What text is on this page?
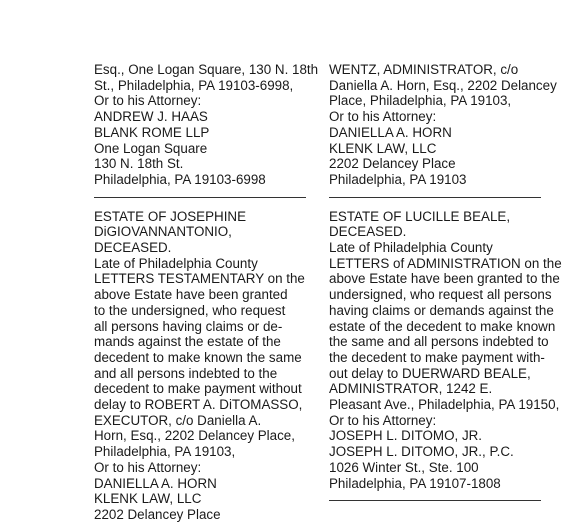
Esq., One Logan Square, 130 N. 18th
St., Philadelphia, PA 19103-6998,
Or to his Attorney:
ANDREW J. HAAS
BLANK ROME LLP
One Logan Square
130 N. 18th St.
Philadelphia, PA 19103-6998
ESTATE OF JOSEPHINE
DiGIOVANNANTONIO,
DECEASED.
Late of Philadelphia County
LETTERS TESTAMENTARY on the
above Estate have been granted
to the undersigned, who request
all persons having claims or de-
mands against the estate of the
decedent to make known the same
and all persons indebted to the
decedent to make payment without
delay to ROBERT A. DiTOMASSO,
EXECUTOR, c/o Daniella A.
Horn, Esq., 2202 Delancey Place,
Philadelphia, PA 19103,
Or to his Attorney:
DANIELLA A. HORN
KLENK LAW, LLC
2202 Delancey Place
WENTZ, ADMINISTRATOR, c/o
Daniella A. Horn, Esq., 2202 Delancey
Place, Philadelphia, PA 19103,
Or to his Attorney:
DANIELLA A. HORN
KLENK LAW, LLC
2202 Delancey Place
Philadelphia, PA 19103
ESTATE OF LUCILLE BEALE,
DECEASED.
Late of Philadelphia County
LETTERS of ADMINISTRATION on the
above Estate have been granted to the
undersigned, who request all persons
having claims or demands against the
estate of the decedent to make known
the same and all persons indebted to
the decedent to make payment with-
out delay to DUERWARD BEALE,
ADMINISTRATOR, 1242 E.
Pleasant Ave., Philadelphia, PA 19150,
Or to his Attorney:
JOSEPH L. DITOMO, JR.
JOSEPH L. DITOMO, JR., P.C.
1026 Winter St., Ste. 100
Philadelphia, PA 19107-1808
